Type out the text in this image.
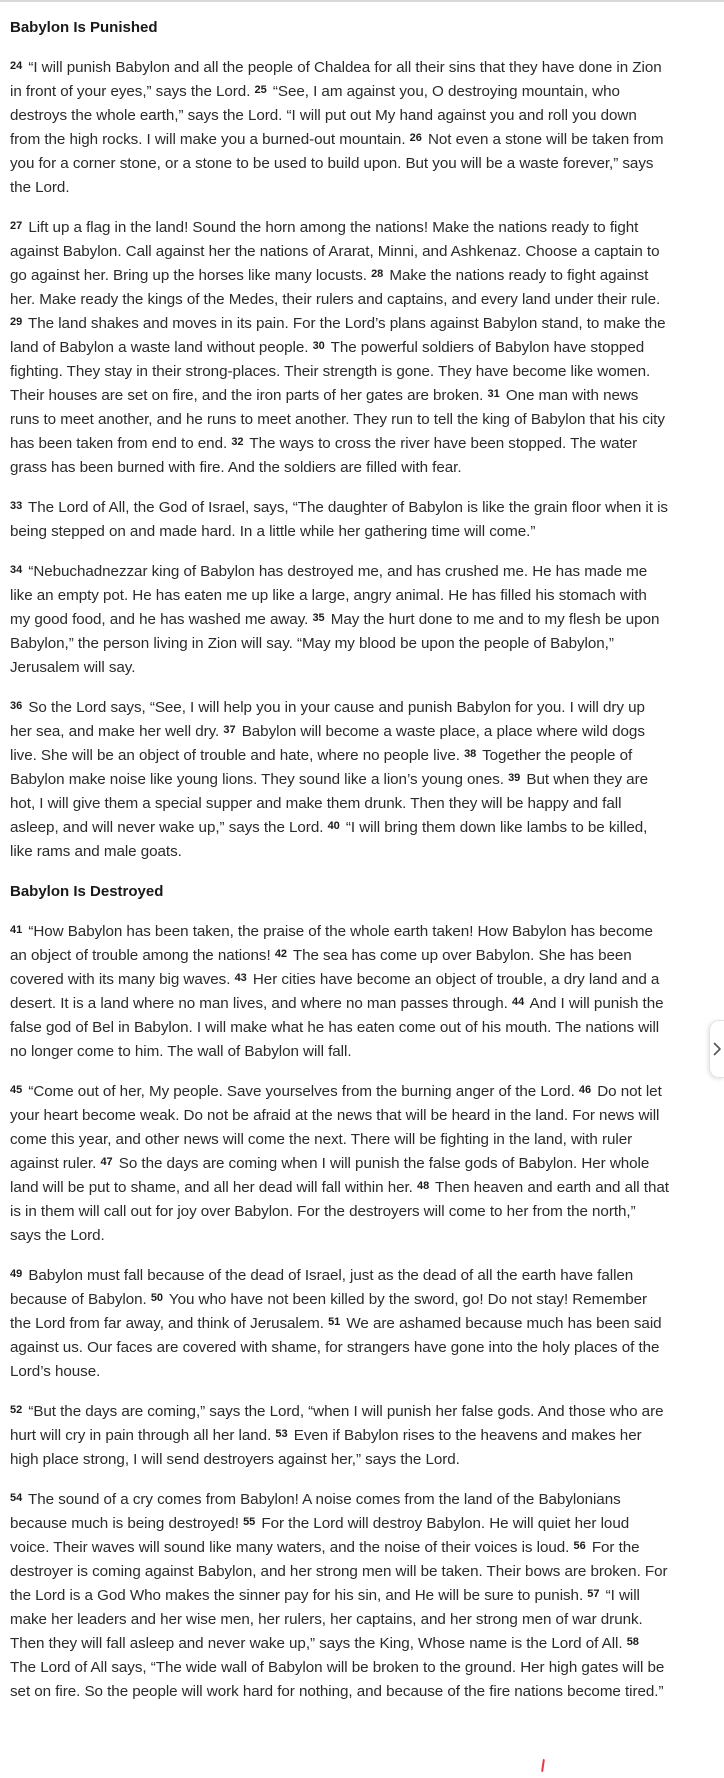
Babylon Is Punished

$^{24}$ “I will punish Babylon and all the people of Chaldea for all their sins that they have done in Zion in front of your eyes,” says the Lord. $^{25}$ “See, I am against you, O destroying mountain, who destroys the whole earth,” says the Lord. “I will put out My hand against you and roll you down from the high rocks. I will make you a burned-out mountain. $^{26}$ Not even a stone will be taken from you for a corner stone, or a stone to be used to build upon. But you will be a waste forever,” says the Lord.

$^{27}$ Lift up a flag in the land! Sound the horn among the nations! Make the nations ready to fight against Babylon. Call against her the nations of Ararat, Minni, and Ashkenaz. Choose a captain to go against her. Bring up the horses like many locusts. $^{28}$ Make the nations ready to fight against her. Make ready the kings of the Medes, their rulers and captains, and every land under their rule. $^{29}$ The land shakes and moves in its pain. For the Lord’s plans against Babylon stand, to make the land of Babylon a waste land without people. $^{30}$ The powerful soldiers of Babylon have stopped fighting. They stay in their strong-places. Their strength is gone. They have become like women. Their houses are set on fire, and the iron parts of her gates are broken. $^{31}$ One man with news runs to meet another, and he runs to meet another. They run to tell the king of Babylon that his city has been taken from end to end. $^{32}$ The ways to cross the river have been stopped. The water grass has been burned with fire. And the soldiers are filled with fear.

$^{33}$ The Lord of All, the God of Israel, says, “The daughter of Babylon is like the grain floor when it is being stepped on and made hard. In a little while her gathering time will come.”

$^{34}$ “Nebuchadnezzar king of Babylon has destroyed me, and has crushed me. He has made me like an empty pot. He has eaten me up like a large, angry animal. He has filled his stomach with my good food, and he has washed me away. $^{35}$ May the hurt done to me and to my flesh be upon Babylon,” the person living in Zion will say. “May my blood be upon the people of Babylon,” Jerusalem will say.

$^{36}$ So the Lord says, “See, I will help you in your cause and punish Babylon for you. I will dry up her sea, and make her well dry. $^{37}$ Babylon will become a waste place, a place where wild dogs live. She will be an object of trouble and hate, where no people live. $^{38}$ Together the people of Babylon make noise like young lions. They sound like a lion’s young ones. $^{39}$ But when they are hot, I will give them a special supper and make them drunk. Then they will be happy and fall asleep, and will never wake up,” says the Lord. $^{40}$ “I will bring them down like lambs to be killed, like rams and male goats.

Babylon Is Destroyed

$^{41}$ “How Babylon has been taken, the praise of the whole earth taken! How Babylon has become an object of trouble among the nations! $^{42}$ The sea has come up over Babylon. She has been covered with its many big waves. $^{43}$ Her cities have become an object of trouble, a dry land and a desert. It is a land where no man lives, and where no man passes through. $^{44}$ And I will punish the false god of Bel in Babylon. I will make what he has eaten come out of his mouth. The nations will no longer come to him. The wall of Babylon will fall.

$^{45}$ “Come out of her, My people. Save yourselves from the burning anger of the Lord. $^{46}$ Do not let your heart become weak. Do not be afraid at the news that will be heard in the land. For news will come this year, and other news will come the next. There will be fighting in the land, with ruler against ruler. $^{47}$ So the days are coming when I will punish the false gods of Babylon. Her whole land will be put to shame, and all her dead will fall within her. $^{48}$ Then heaven and earth and all that is in them will call out for joy over Babylon. For the destroyers will come to her from the north,” says the Lord.

$^{49}$ Babylon must fall because of the dead of Israel, just as the dead of all the earth have fallen because of Babylon. $^{50}$ You who have not been killed by the sword, go! Do not stay! Remember the Lord from far away, and think of Jerusalem. $^{51}$ We are ashamed because much has been said against us. Our faces are covered with shame, for strangers have gone into the holy places of the Lord’s house.

$^{52}$ “But the days are coming,” says the Lord, “when I will punish her false gods. And those who are hurt will cry in pain through all her land. $^{53}$ Even if Babylon rises to the heavens and makes her high place strong, I will send destroyers against her,” says the Lord.

$^{54}$ The sound of a cry comes from Babylon! A noise comes from the land of the Babylonians because much is being destroyed! $^{55}$ For the Lord will destroy Babylon. He will quiet her loud voice. Their waves will sound like many waters, and the noise of their voices is loud. $^{56}$ For the destroyer is coming against Babylon, and her strong men will be taken. Their bows are broken. For the Lord is a God Who makes the sinner pay for his sin, and He will be sure to punish. $^{57}$ “I will make her leaders and her wise men, her rulers, her captains, and her strong men of war drunk. Then they will fall asleep and never wake up,” says the King, Whose name is the Lord of All. $^{58}$ The Lord of All says, “The wide wall of Babylon will be broken to the ground. Her high gates will be set on fire. So the people will work hard for nothing, and because of the fire nations become tired.”
